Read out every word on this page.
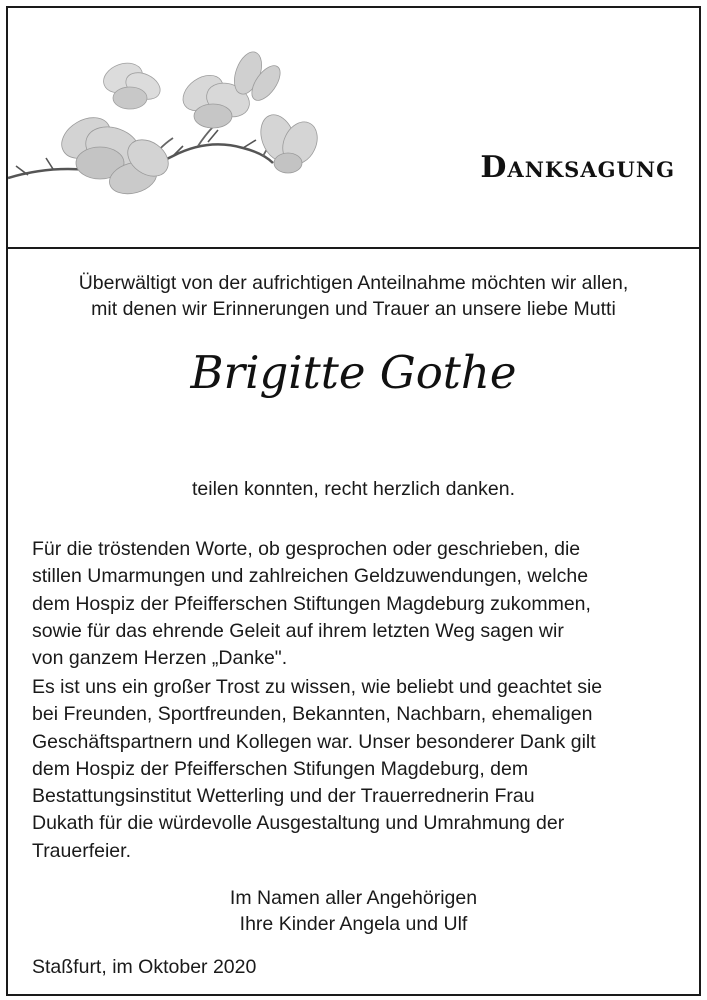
Danksagung
Überwältigt von der aufrichtigen Anteilnahme möchten wir allen,
mit denen wir Erinnerungen und Trauer an unsere liebe Mutti
Brigitte Gothe
teilen konnten, recht herzlich danken.
Für die tröstenden Worte, ob gesprochen oder geschrieben, die
stillen Umarmungen und zahlreichen Geldzuwendungen, welche
dem Hospiz der Pfeifferschen Stiftungen Magdeburg zukommen,
sowie für das ehrende Geleit auf ihrem letzten Weg sagen wir
von ganzem Herzen „Danke".
Es ist uns ein großer Trost zu wissen, wie beliebt und geachtet sie
bei Freunden, Sportfreunden, Bekannten, Nachbarn, ehemaligen
Geschäftspartnern und Kollegen war. Unser besonderer Dank gilt
dem Hospiz der Pfeifferschen Stifungen Magdeburg, dem
Bestattungsinstitut Wetterling und der Trauerrednerin Frau
Dukath für die würdevolle Ausgestaltung und Umrahmung der
Trauerfeier.
Im Namen aller Angehörigen
Ihre Kinder Angela und Ulf
Staßfurt, im Oktober 2020
